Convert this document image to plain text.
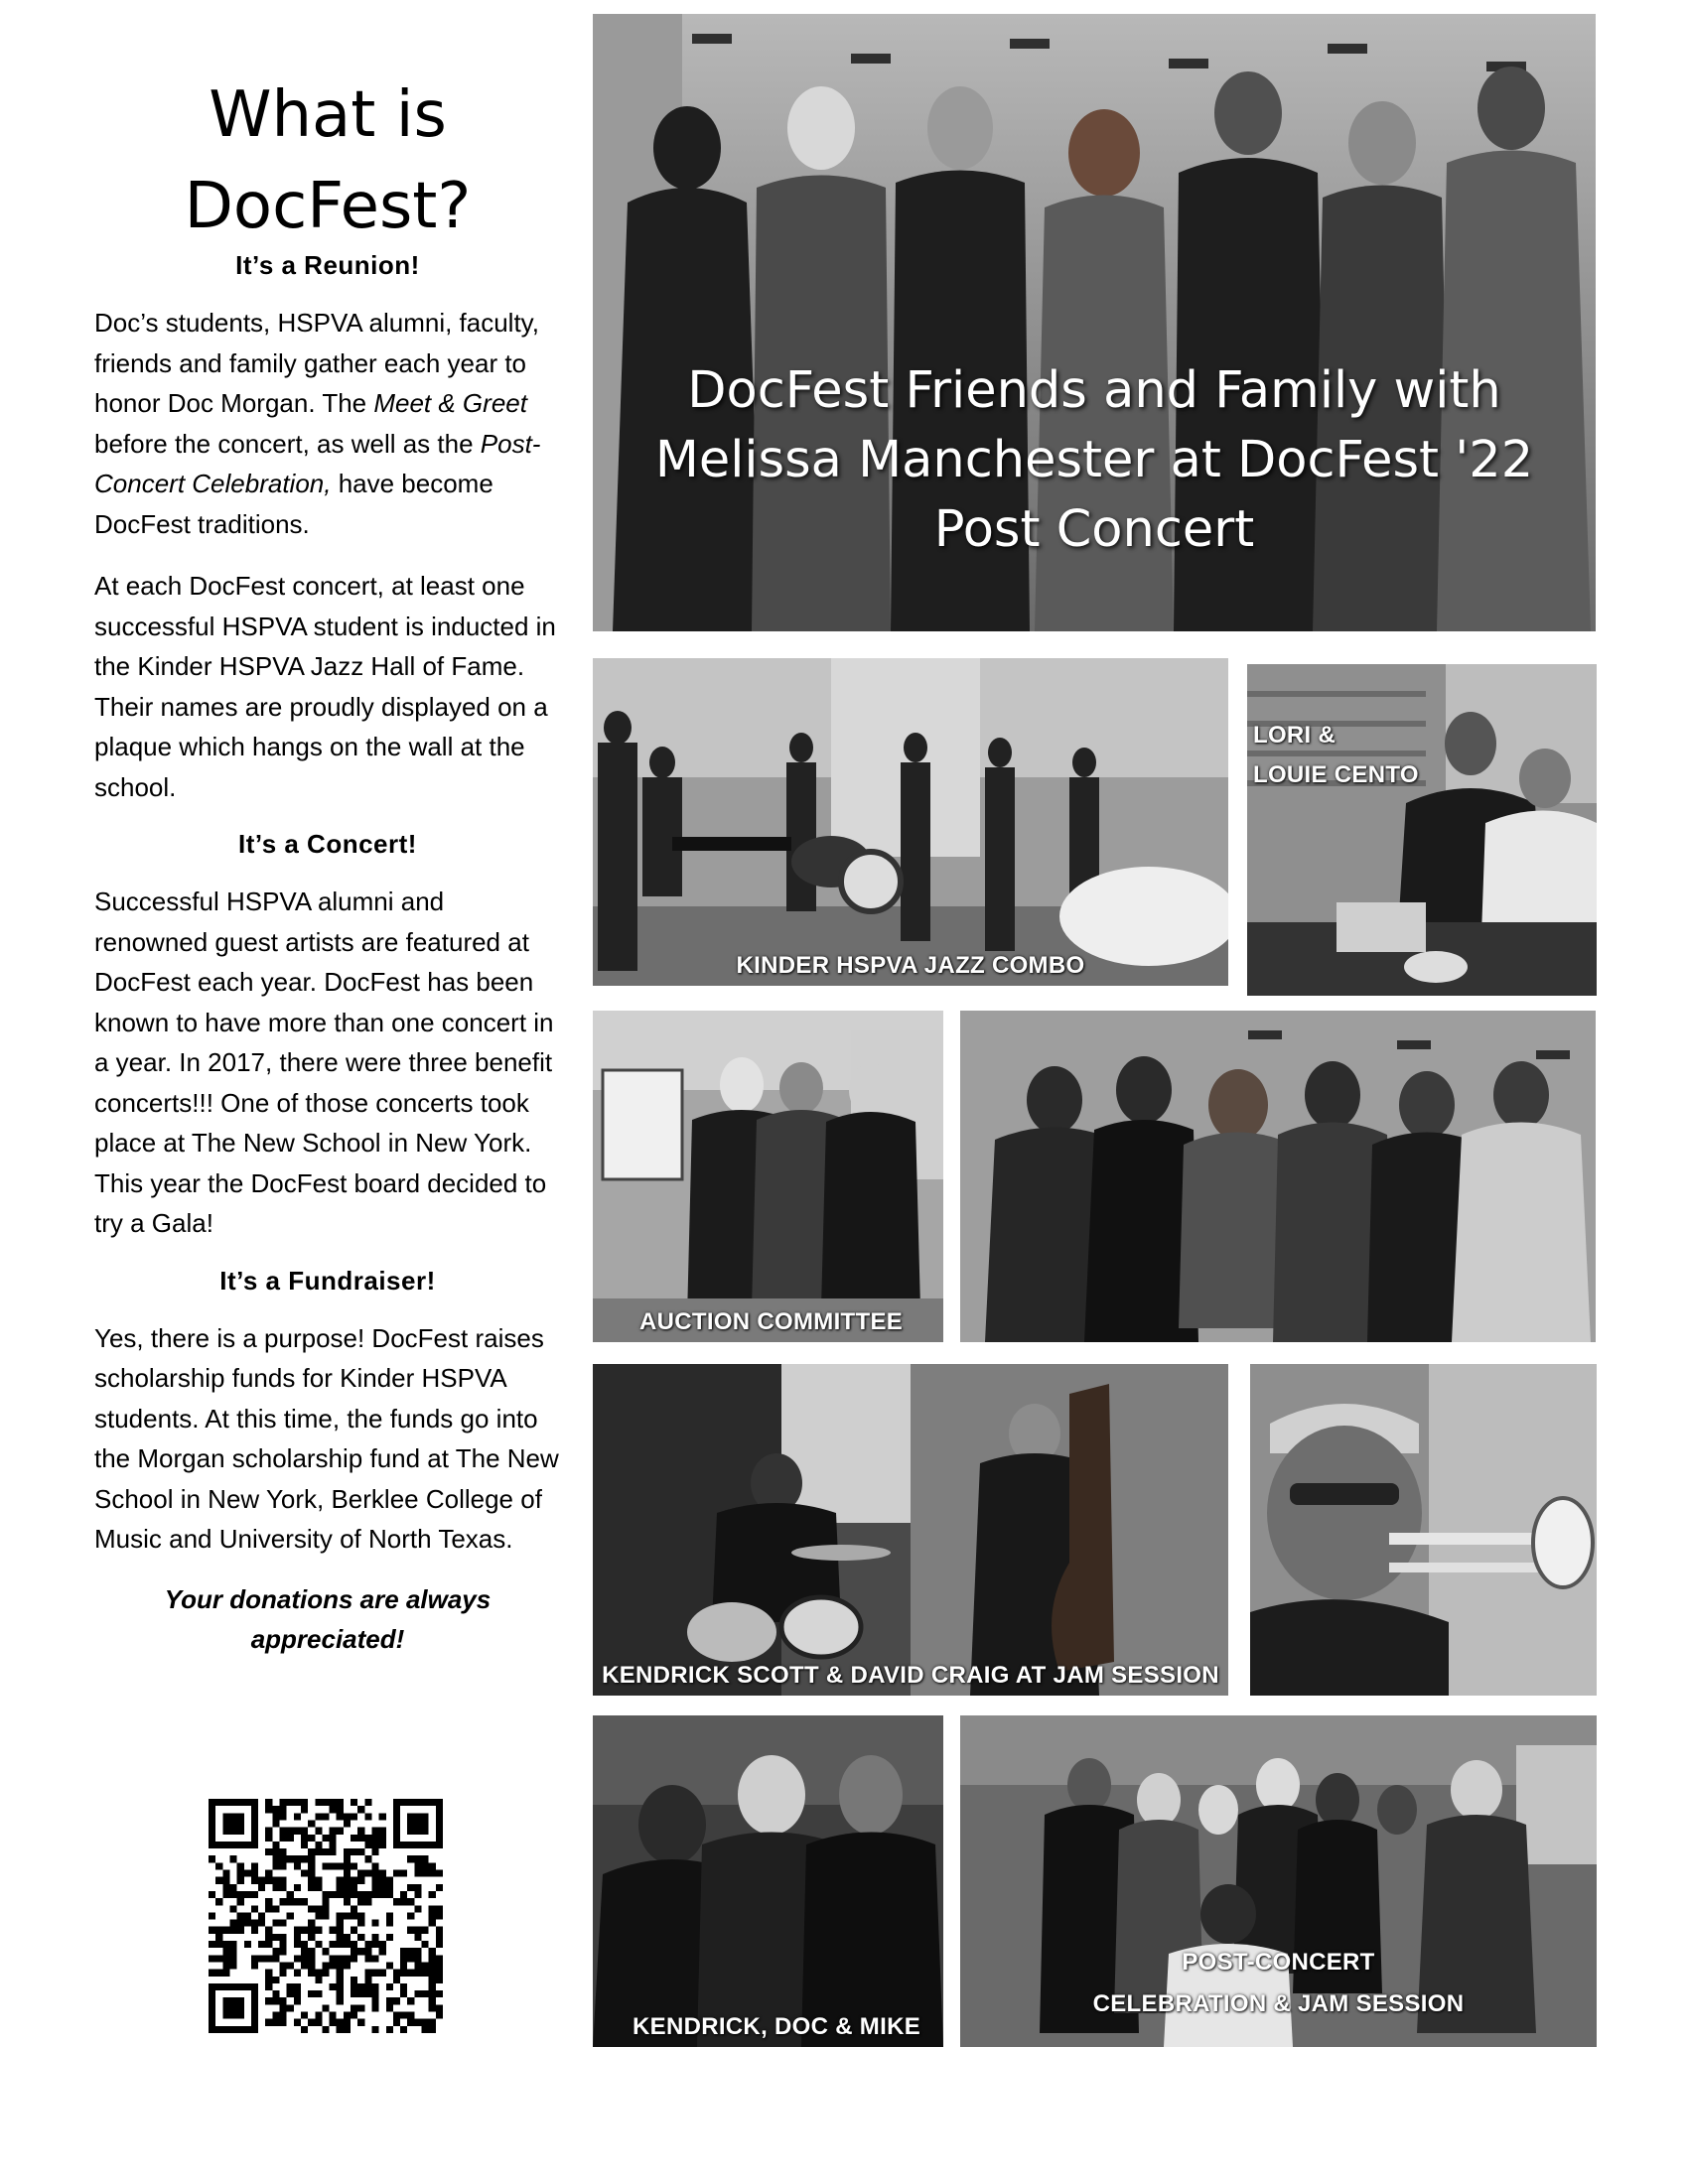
What is
DocFest?
It’s a Reunion!

Doc’s students, HSPVA alumni, faculty, friends and family gather each year to honor Doc Morgan. The Meet & Greet before the concert, as well as the Post-Concert Celebration, have become DocFest traditions.

At each DocFest concert, at least one successful HSPVA student is inducted in the Kinder HSPVA Jazz Hall of Fame. Their names are proudly displayed on a plaque which hangs on the wall at the school.

It’s a Concert!

Successful HSPVA alumni and renowned guest artists are featured at DocFest each year. DocFest has been known to have more than one concert in a year. In 2017, there were three benefit concerts!!! One of those concerts took place at The New School in New York. This year the DocFest board decided to try a Gala!

It’s a Fundraiser!

Yes, there is a purpose! DocFest raises scholarship funds for Kinder HSPVA students. At this time, the funds go into the Morgan scholarship fund at The New School in New York, Berklee College of Music and University of North Texas.

Your donations are always
appreciated!

DocFest Friends and Family with
Melissa Manchester at DocFest '22
Post Concert
KINDER HSPVA JAZZ COMBO
LORI &
LOUIE CENTO
AUCTION COMMITTEE
KENDRICK SCOTT & DAVID CRAIG AT JAM SESSION
KENDRICK, DOC & MIKE
POST-CONCERT
CELEBRATION & JAM SESSION
